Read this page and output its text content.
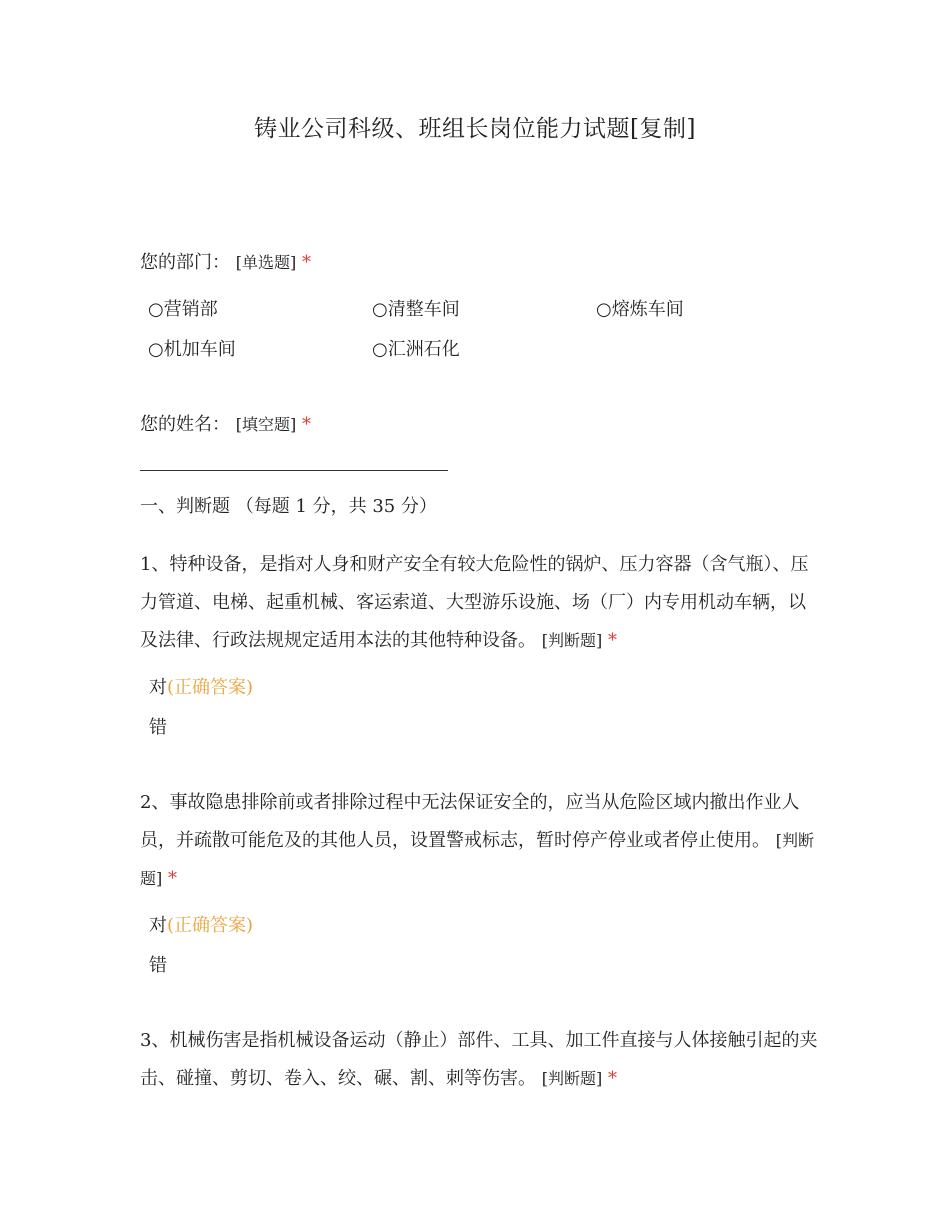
铸业公司科级、班组长岗位能力试题[复制]
您的部门： [单选题] *
○营销部	○清整车间	○熔炼车间
○机加车间	○汇洲石化
您的姓名： [填空题] *
一、判断题 （每题 1 分，共 35 分）
1、特种设备，是指对人身和财产安全有较大危险性的锅炉、压力容器（含气瓶）、压力管道、电梯、起重机械、客运索道、大型游乐设施、场（厂）内专用机动车辆，以及法律、行政法规规定适用本法的其他特种设备。 [判断题] *
对(正确答案)
错
2、事故隐患排除前或者排除过程中无法保证安全的，应当从危险区域内撤出作业人员，并疏散可能危及的其他人员，设置警戒标志，暂时停产停业或者停止使用。 [判断题] *
对(正确答案)
错
3、机械伤害是指机械设备运动（静止）部件、工具、加工件直接与人体接触引起的夹击、碰撞、剪切、卷入、绞、碾、割、刺等伤害。 [判断题] *
